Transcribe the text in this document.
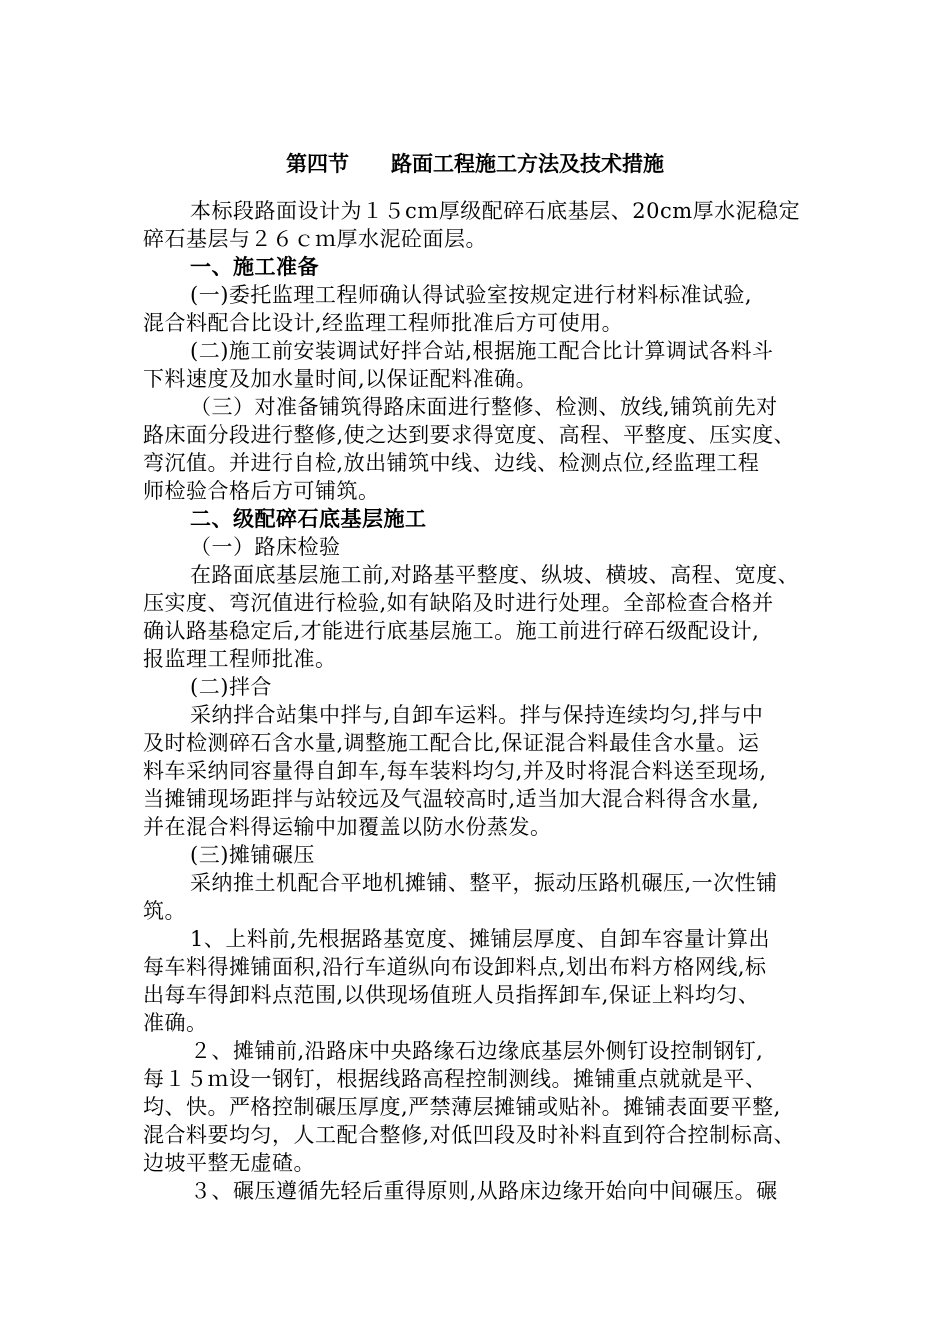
第四节　　路面工程施工方法及技术措施
本标段路面设计为１５cｍ厚级配碎石底基层、20cm厚水泥稳定
碎石基层与２６ｃｍ厚水泥砼面层。
一、施工准备
(一)委托监理工程师确认得试验室按规定进行材料标准试验,
混合料配合比设计,经监理工程师批准后方可使用。
(二)施工前安装调试好拌合站,根据施工配合比计算调试各料斗
下料速度及加水量时间,以保证配料准确。
（三）对准备铺筑得路床面进行整修、检测、放线,铺筑前先对
路床面分段进行整修,使之达到要求得宽度、高程、平整度、压实度、
弯沉值。并进行自检,放出铺筑中线、边线、检测点位,经监理工程
师检验合格后方可铺筑。
二、级配碎石底基层施工
（一）路床检验
在路面底基层施工前,对路基平整度、纵坡、横坡、高程、宽度、
压实度、弯沉值进行检验,如有缺陷及时进行处理。全部检查合格并
确认路基稳定后,才能进行底基层施工。施工前进行碎石级配设计,
报监理工程师批准。
(二)拌合
采纳拌合站集中拌与,自卸车运料。拌与保持连续均匀,拌与中
及时检测碎石含水量,调整施工配合比,保证混合料最佳含水量。运
料车采纳同容量得自卸车,每车装料均匀,并及时将混合料送至现场,
当摊铺现场距拌与站较远及气温较高时,适当加大混合料得含水量,
并在混合料得运输中加覆盖以防水份蒸发。
(三)摊铺碾压
采纳推土机配合平地机摊铺、整平，振动压路机碾压,一次性铺
筑。
1、上料前,先根据路基宽度、摊铺层厚度、自卸车容量计算出
每车料得摊铺面积,沿行车道纵向布设卸料点,划出布料方格网线,标
出每车得卸料点范围,以供现场值班人员指挥卸车,保证上料均匀、
准确。
２、摊铺前,沿路床中央路缘石边缘底基层外侧钉设控制钢钉,
每１５ｍ设一钢钉，根据线路高程控制测线。摊铺重点就就是平、
均、快。严格控制碾压厚度,严禁薄层摊铺或贴补。摊铺表面要平整,
混合料要均匀，人工配合整修,对低凹段及时补料直到符合控制标高、
边坡平整无虚碴。
３、碾压遵循先轻后重得原则,从路床边缘开始向中间碾压。碾
